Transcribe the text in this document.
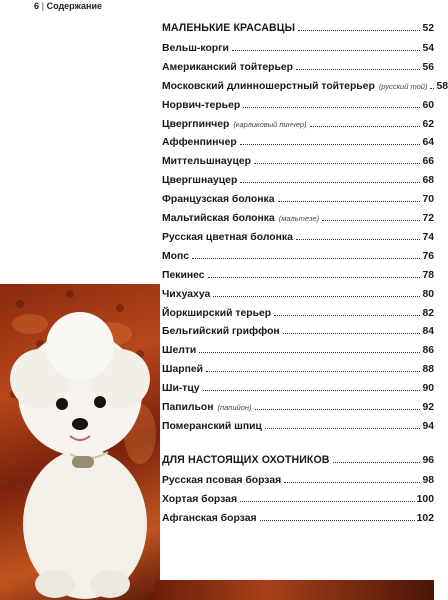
6 | Содержание
МАЛЕНЬКИЕ КРАСАВЦЫ	52
Вельш-корги	54
Американский тойтерьер	56
Московский длинношерстный тойтерьер (русский той) 58
Норвич-терьер	60
Цвергпинчер (карликовый пинчер)	62
Аффенпинчер	64
Миттельшнауцер	66
Цвергшнауцер	68
Французская болонка	70
Мальтийская болонка (мальтезе)	72
Русская цветная болонка	74
Мопс	76
Пекинес	78
Чихуахуа	80
Йоркширский терьер	82
Бельгийский гриффон	84
Шелти	86
Шарпей	88
Ши-тцу	90
Папильон (папийон)	92
Померанский шпиц	94
ДЛЯ НАСТОЯЩИХ ОХОТНИКОВ	96
Русская псовая борзая	98
Хортая борзая	100
Афганская борзая	102
